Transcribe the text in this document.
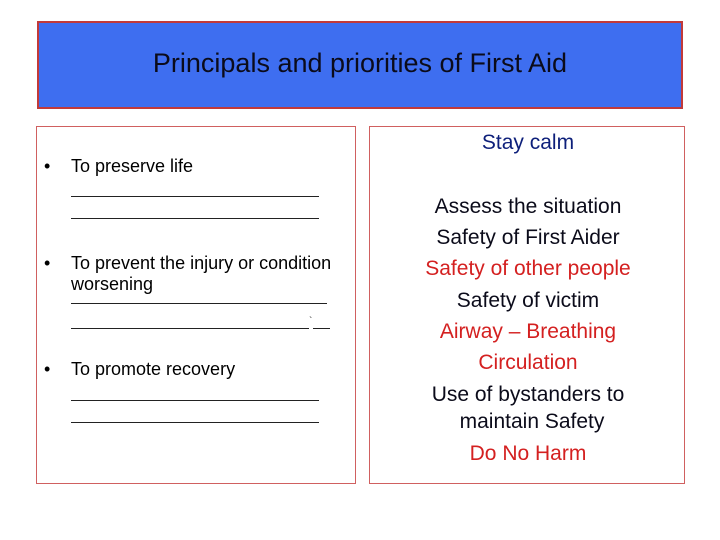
Principals and priorities of First Aid
•	To preserve life
•	To prevent the injury or condition worsening
`
•	To promote recovery
Stay calm
Assess the situation
Safety of First Aider
Safety of other people
Safety of victim
Airway – Breathing
Circulation
Use of bystanders to
maintain Safety
Do No Harm
